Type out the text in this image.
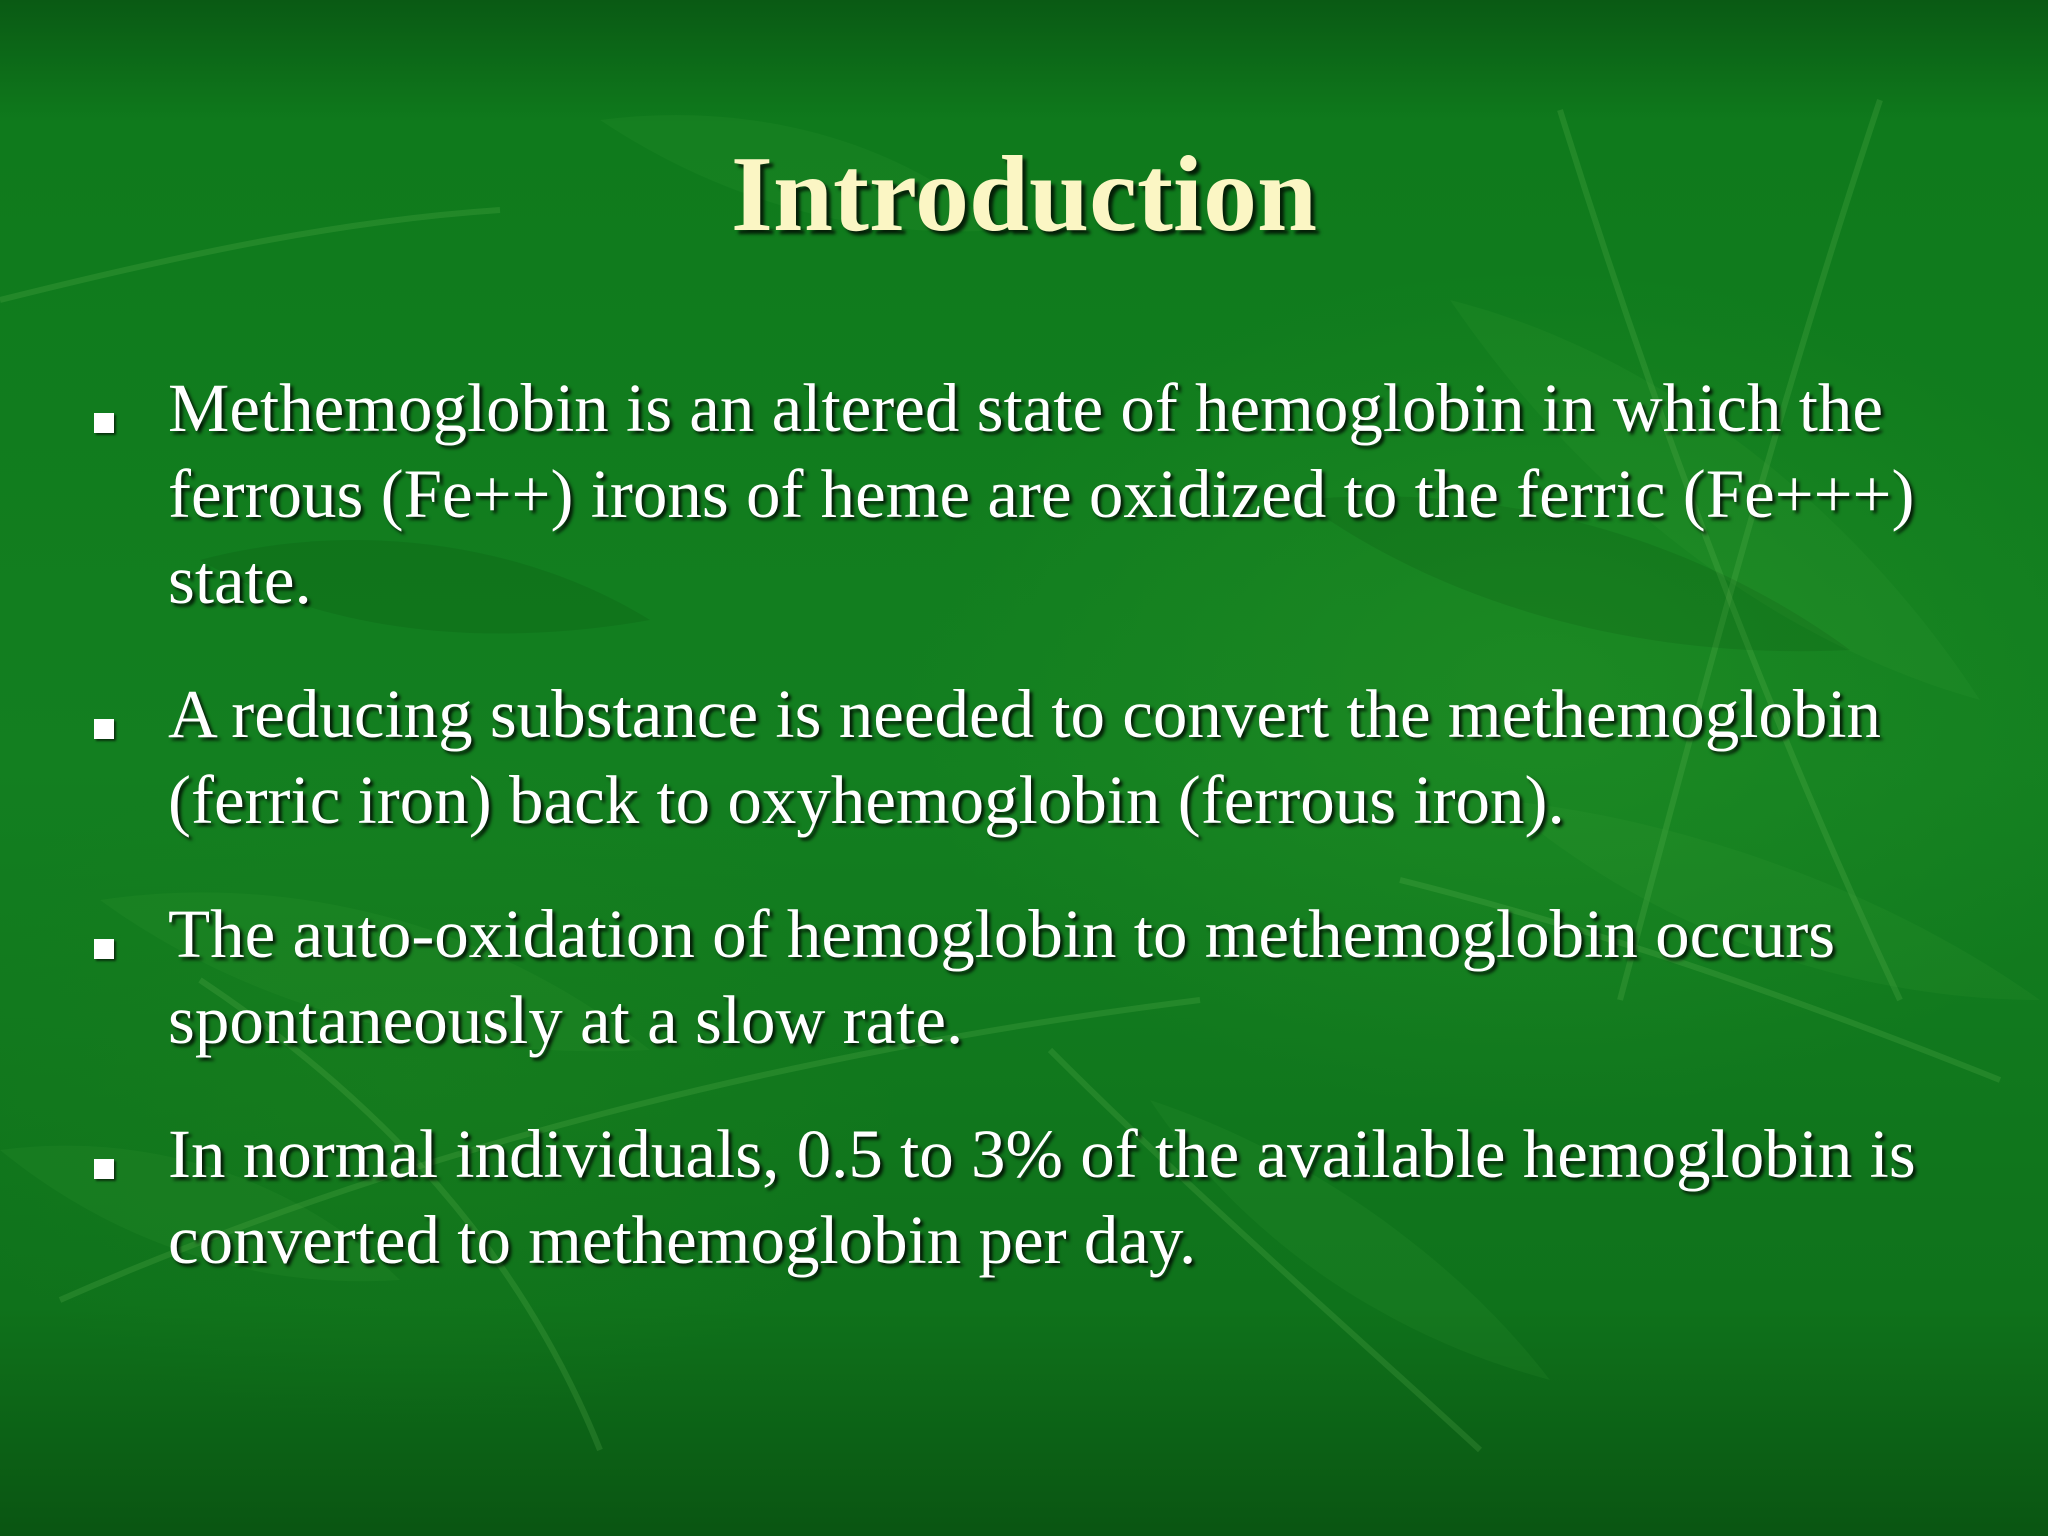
Introduction
Methemoglobin is an altered state of hemoglobin in which the ferrous (Fe++) irons of heme are oxidized to the ferric (Fe+++) state.
A reducing substance is needed to convert the methemoglobin (ferric iron) back to oxyhemoglobin (ferrous iron).
The auto-oxidation of hemoglobin to methemoglobin occurs spontaneously at a slow rate.
In normal individuals, 0.5 to 3% of the available hemoglobin is converted to methemoglobin per day.
